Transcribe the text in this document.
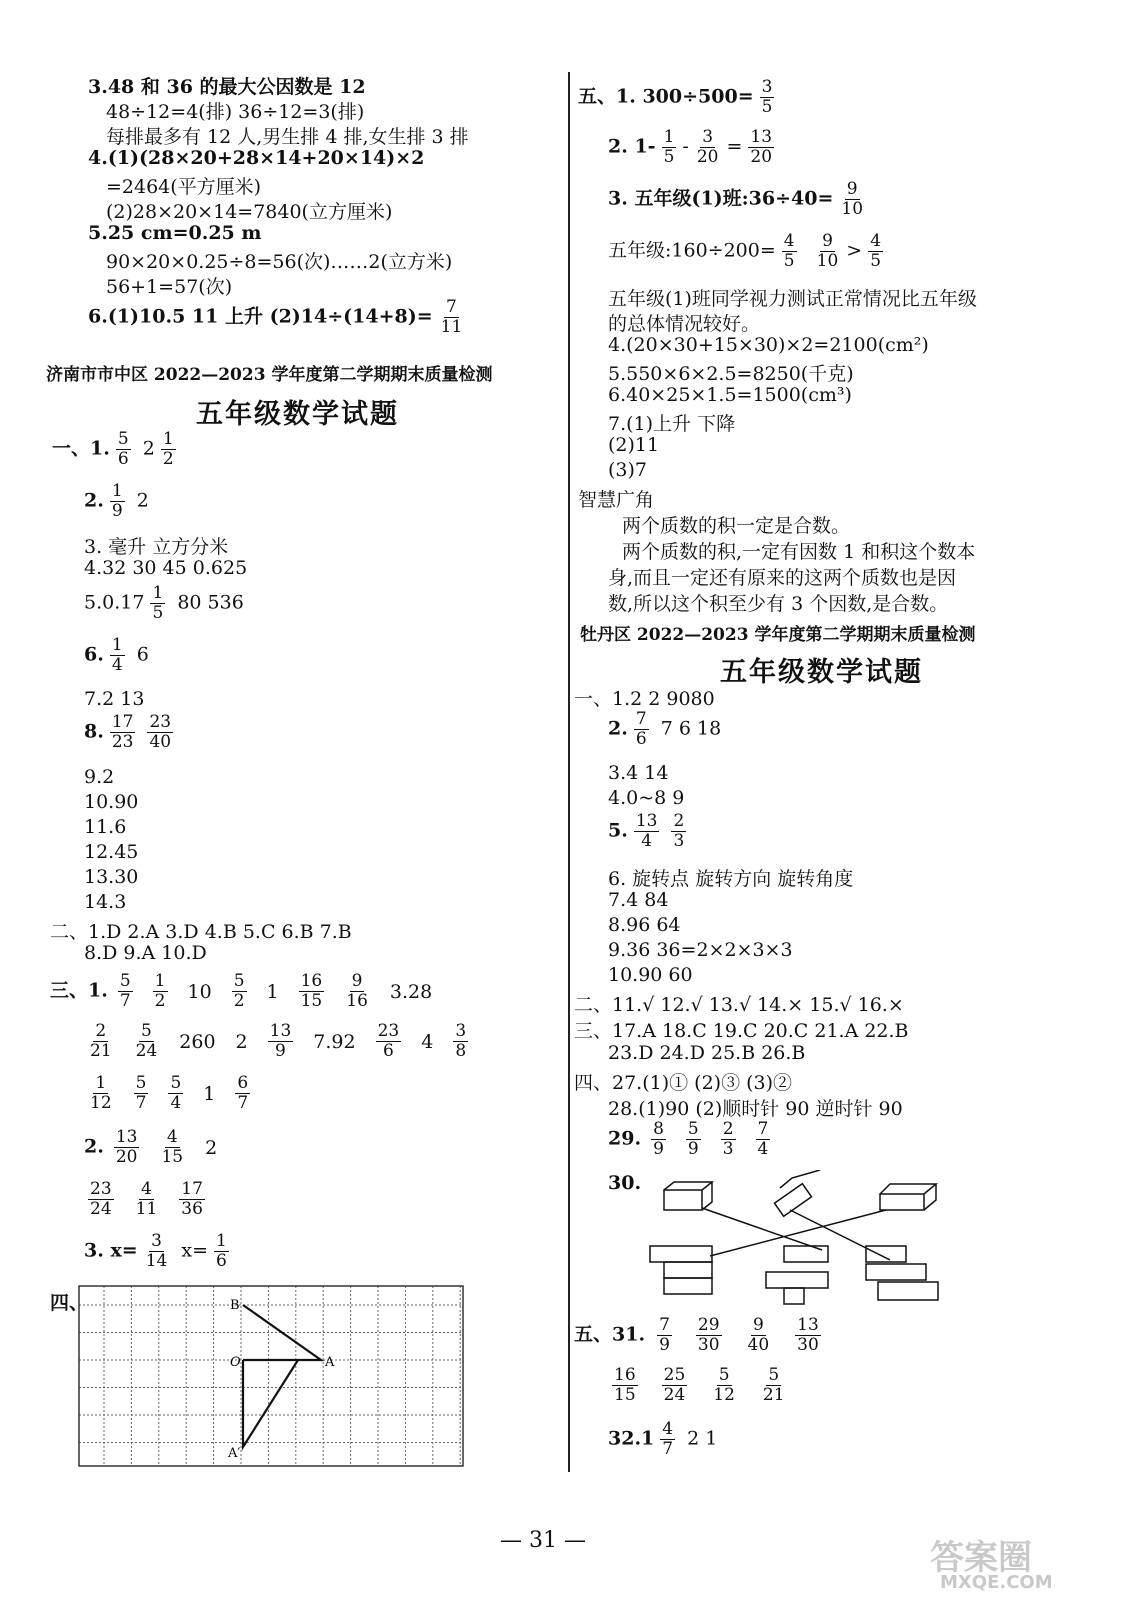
3.48 和 36 的最大公因数是 12
48÷12=4(排) 36÷12=3(排)
每排最多有 12 人,男生排 4 排,女生排 3 排
4.(1)(28×20+28×14+20×14)×2
=2464(平方厘米)
(2)28×20×14=7840(立方厘米)
5.25 cm=0.25 m
90×20×0.25÷8=56(次)……2(立方米)
56+1=57(次)
6.(1)10.5 11 上升 $(2)14\div(14+8)= \frac{7}{11}$
济南市市中区 2022—2023 学年度第二学期期末质量检测
五年级数学试题
一、1. $\frac{5}{6} 2 \frac{1}{2}$
2. $\frac{1}{9} 2$
3. 毫升 立方分米
4.32 30 45 0.625
$5.0.17 \frac{1}{5} 80$ 536
6. $\frac{1}{4} 6$
7.2 13
8. $\frac{17}{23} \frac{23}{40}$
9.2
10.90
11.6
12.45
13.30
14.3
二、1.D 2.A 3.D 4.B 5.C 6.B 7.B
8.D 9.A 10.D
三、1. $\frac{5}{7} \frac{1}{2} 10 \frac{5}{2} 1 \frac{16}{15} \frac{9}{16} 3.28$
$\frac{2}{21} \frac{5}{24} 260$ $2 \frac{13}{9} 7.92 \frac{23}{6} 4 \frac{3}{8}$
$\frac{1}{12} \frac{5}{7} \frac{5}{4} 1 \frac{6}{7}$
2. $\frac{13}{20} \frac{4}{15} 2$
$\frac{23}{24} \frac{4}{11} \frac{17}{36}$
3. $x= \frac{3}{14} x= \frac{1}{6}$
四、	B
O	A
A′
五、1. $300\div 500= \frac{3}{5}$
2. $1- \frac{1}{5} - \frac{3}{20} = \frac{13}{20}$
3. 五年级(1)班:36÷40= $\frac{9}{10}$
五年级:160÷200= $\frac{4}{5}$
$\frac{9}{10} > \frac{4}{5}$
五年级(1)班同学视力测试正常情况比五年级
的总体情况较好。
4.(20×30+15×30)×2=2100(cm²)
5.550×6×2.5=8250(千克)
6.40×25×1.5=1500(cm³)
7.(1)上升 下降
(2)11
(3)7
智慧广角
两个质数的积一定是合数。
两个质数的积,一定有因数 1 和积这个数本
身,而且一定还有原来的这两个质数也是因
数,所以这个积至少有 3 个因数,是合数。
牡丹区 2022—2023 学年度第二学期期末质量检测
五年级数学试题
一、1.2 2 9080
2. $\frac{7}{6} 7$ 6 18
3.4 14
4.0~8 9
5. $\frac{13}{4} \frac{2}{3}$
6. 旋转点 旋转方向 旋转角度
7.4 84
8.96 64
9.36 36=2×2×3×3
10.90 60
二、11.√ 12.√ 13.√ 14.× 15.√ 16.×
三、17.A 18.C 19.C 20.C 21.A 22.B
23.D 24.D 25.B 26.B
四、27.(1)① (2)③ (3)②
28.(1)90 (2)顺时针 90 逆时针 90
29. $\frac{8}{9} \frac{5}{9} \frac{2}{3} \frac{7}{4}$
30.
五、31. $\frac{7}{9} \frac{29}{30} \frac{9}{40} \frac{13}{30}$
$\frac{16}{15} \frac{25}{24} \frac{5}{12} \frac{5}{21}$
$32.1 \frac{4}{7} 2$ 1
— 31 —	答案圈
MXQE.COM
